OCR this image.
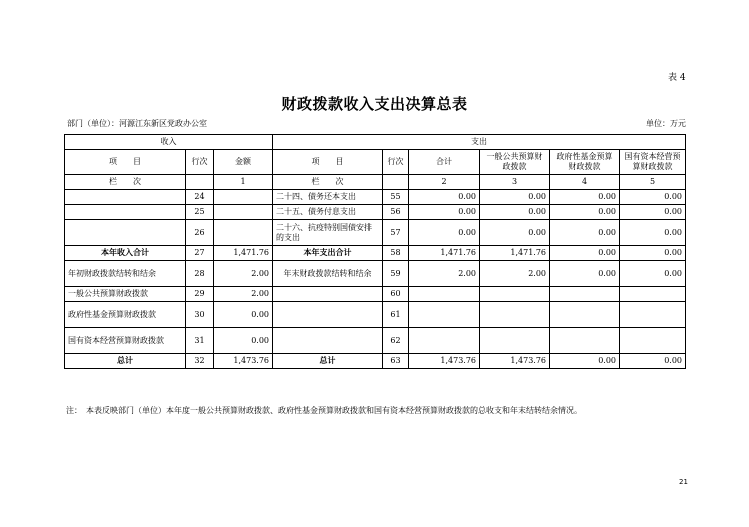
表 4
财政拨款收入支出决算总表
部门（单位）：河源江东新区党政办公室	单位：万元
收入			支出					
项　　目	行次	金额	项　　目	行次	合计	一般公共预算财政拨款	政府性基金预算财政拨款	国有资本经营预算财政拨款
栏　　次		1	栏　　次		2	3	4	5
	24		二十四、债务还本支出	55	0.00	0.00	0.00	0.00
	25		二十五、债务付息支出	56	0.00	0.00	0.00	0.00
	26		二十六、抗疫特别国债安排的支出	57	0.00	0.00	0.00	0.00
本年收入合计	27	1,471.76	本年支出合计	58	1,471.76	1,471.76	0.00	0.00
年初财政拨款结转和结余	28	2.00	年末财政拨款结转和结余	59	2.00	2.00	0.00	0.00
一般公共预算财政拨款	29	2.00		60				
政府性基金预算财政拨款	30	0.00		61				
国有资本经营预算财政拨款	31	0.00		62				
总计	32	1,473.76	总计	63	1,473.76	1,473.76	0.00	0.00
注：　本表反映部门（单位）本年度一般公共预算财政拨款、政府性基金预算财政拨款和国有资本经营预算财政拨款的总收支和年末结转结余情况。
21
